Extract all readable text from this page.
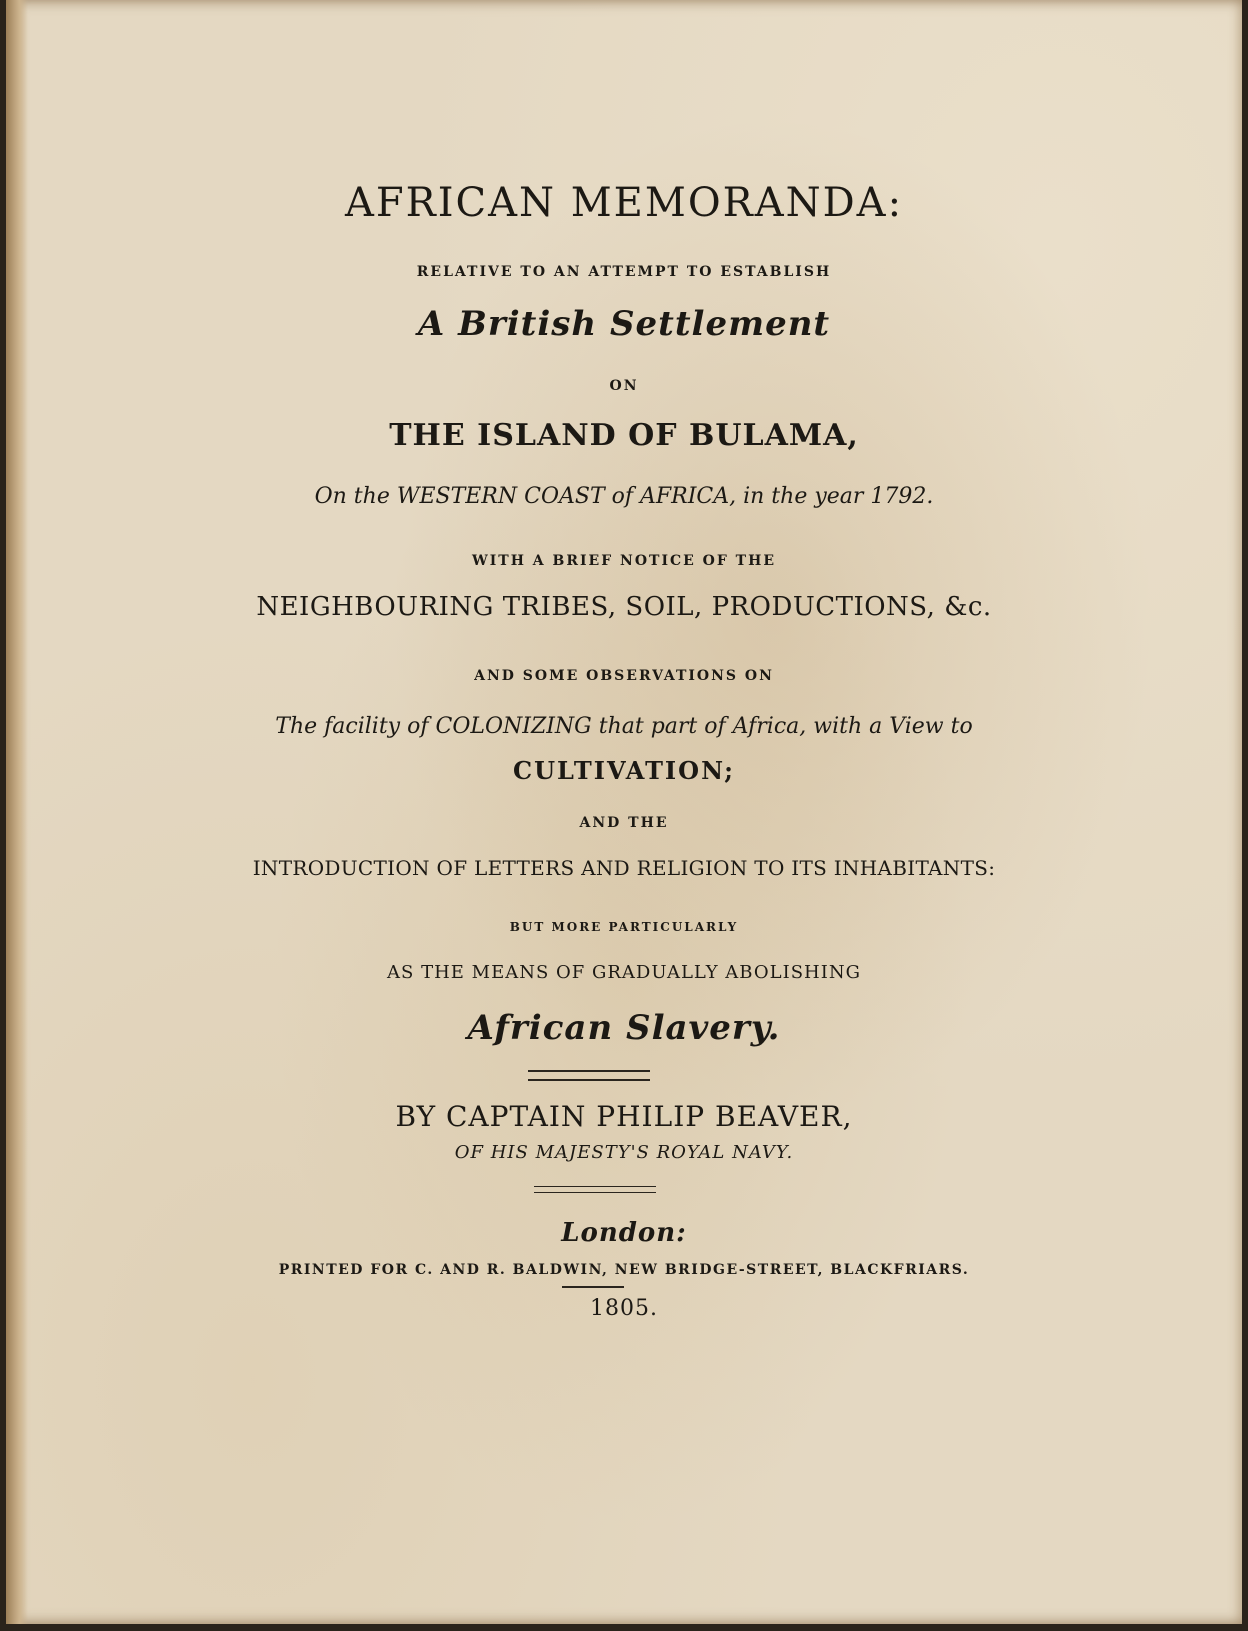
AFRICAN MEMORANDA:
RELATIVE TO AN ATTEMPT TO ESTABLISH
A British Settlement
ON
THE ISLAND OF BULAMA,
On the WESTERN COAST of AFRICA, in the year 1792.
WITH A BRIEF NOTICE OF THE
NEIGHBOURING TRIBES, SOIL, PRODUCTIONS, &c.
AND SOME OBSERVATIONS ON
The facility of COLONIZING that part of Africa, with a View to
CULTIVATION;
AND THE
INTRODUCTION OF LETTERS AND RELIGION TO ITS INHABITANTS:
BUT MORE PARTICULARLY
AS THE MEANS OF GRADUALLY ABOLISHING
African Slavery.
BY CAPTAIN PHILIP BEAVER,
OF HIS MAJESTY'S ROYAL NAVY.
London:
PRINTED FOR C. AND R. BALDWIN, NEW BRIDGE-STREET, BLACKFRIARS.
1805.
